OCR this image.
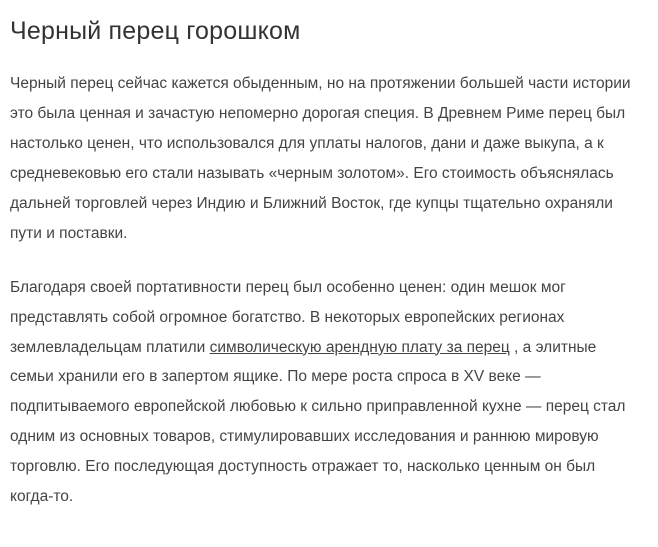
Черный перец горошком

Черный перец сейчас кажется обыденным, но на протяжении большей части истории это была ценная и зачастую непомерно дорогая специя. В Древнем Риме перец был настолько ценен, что использовался для уплаты налогов, дани и даже выкупа, а к средневековью его стали называть «черным золотом». Его стоимость объяснялась дальней торговлей через Индию и Ближний Восток, где купцы тщательно охраняли пути и поставки.

Благодаря своей портативности перец был особенно ценен: один мешок мог представлять собой огромное богатство. В некоторых европейских регионах землевладельцам платили символическую арендную плату за перец , а элитные семьи хранили его в запертом ящике. По мере роста спроса в XV веке — подпитываемого европейской любовью к сильно приправленной кухне — перец стал одним из основных товаров, стимулировавших исследования и раннюю мировую торговлю. Его последующая доступность отражает то, насколько ценным он был когда-то.
